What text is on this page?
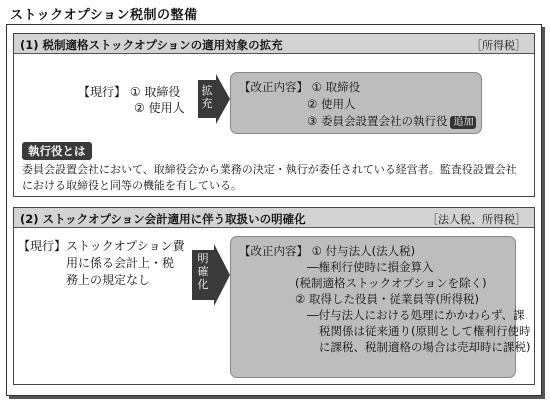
ストックオプション税制の整備
(1) 税制適格ストックオプションの適用対象の拡充	［所得税］
【現行】 ① 取締役
② 使用人
拡充
【改正内容】 ① 取締役
② 使用人
③ 委員会設置会社の執行役 追加
執行役とは
委員会設置会社において、取締役会から業務の決定・執行が委任されている経営者。監査役設置会社における取締役と同等の機能を有している。
(2) ストックオプション会計適用に伴う取扱いの明確化	［法人税、所得税］
【現行】ストックオプション費
用に係る会計上・税
務上の規定なし
明確化
【改正内容】 ① 付与法人(法人税)
―権利行使時に損金算入
(税制適格ストックオプションを除く)
② 取得した役員・従業員等(所得税)
―付与法人における処理にかかわらず、課
税関係は従来通り(原則として権利行使時
に課税、税制適格の場合は売却時に課税)
